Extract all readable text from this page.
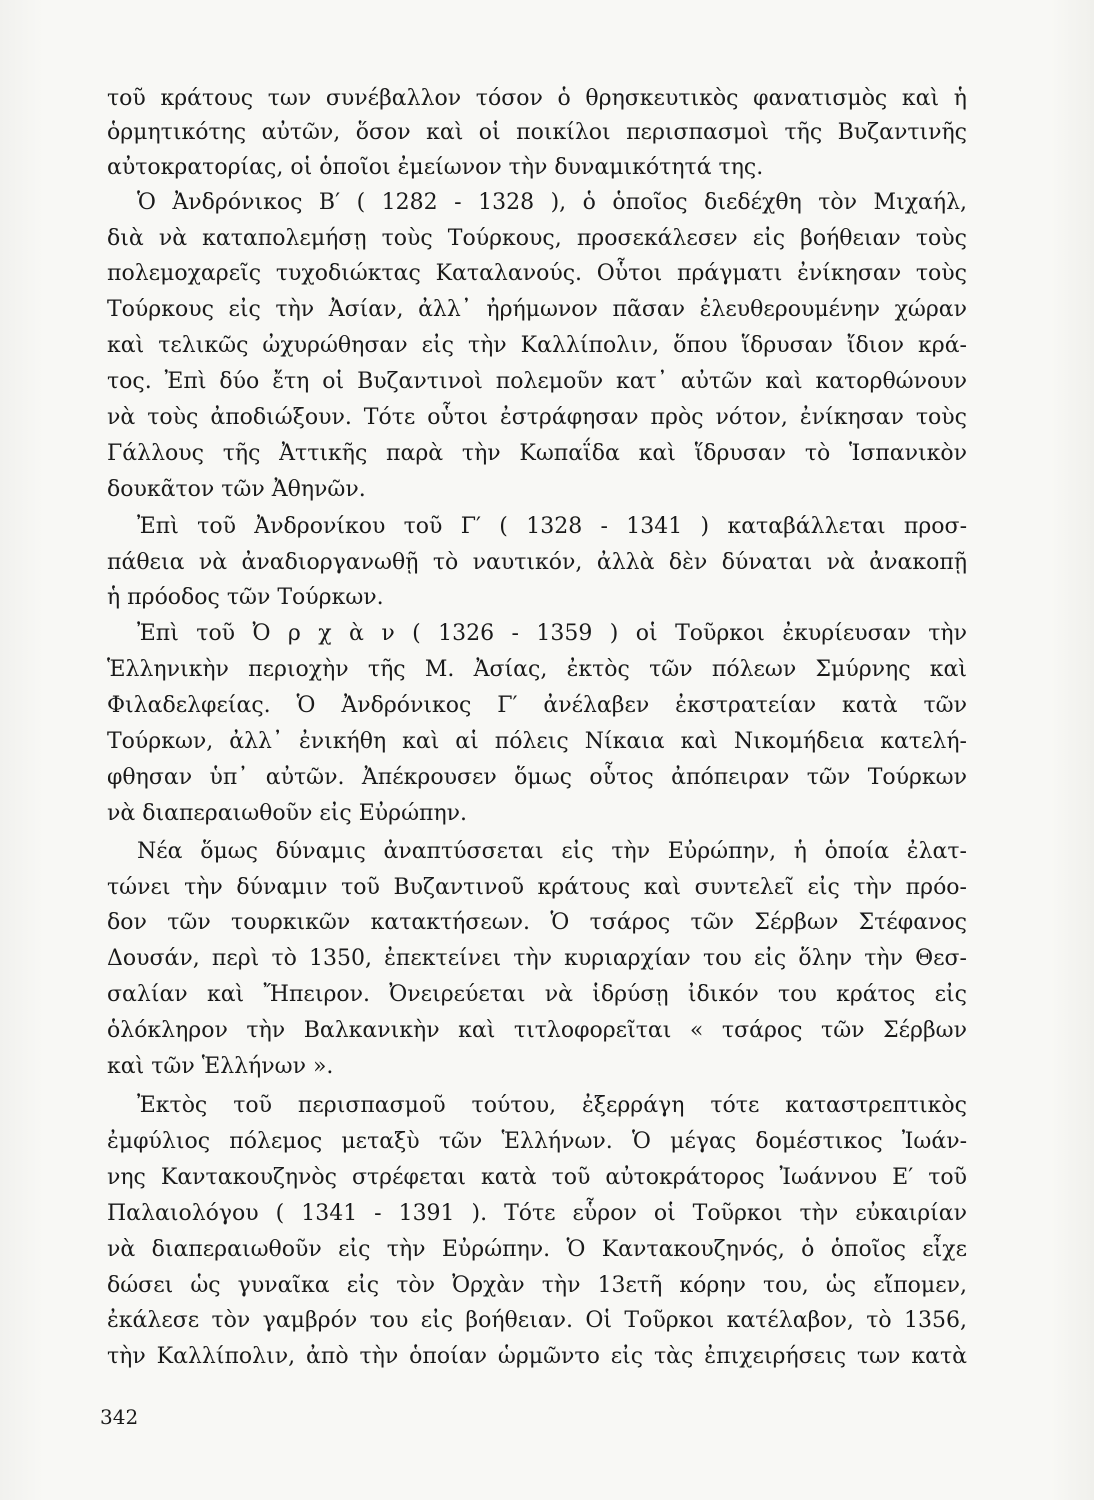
τοῦ κράτους των συνέβαλλον τόσον ὁ θρησκευτικὸς φανατισμὸς καὶ ἡ
ὁρμητικότης αὐτῶν, ὅσον καὶ οἱ ποικίλοι περισπασμοὶ τῆς Βυζαντινῆς
αὐτοκρατορίας, οἱ ὁποῖοι ἐμείωνον τὴν δυναμικότητά της.
Ὁ Ἀνδρόνικος Β′ ( 1282 - 1328 ), ὁ ὁποῖος διεδέχθη τὸν Μιχαήλ,
διὰ νὰ καταπολεμήσῃ τοὺς Τούρκους, προσεκάλεσεν εἰς βοήθειαν τοὺς
πολεμοχαρεῖς τυχοδιώκτας Καταλανούς. Οὗτοι πράγματι ἐνίκησαν τοὺς
Τούρκους εἰς τὴν Ἀσίαν, ἀλλ᾽ ἠρήμωνον πᾶσαν ἐλευθερουμένην χώραν
καὶ τελικῶς ὠχυρώθησαν εἰς τὴν Καλλίπολιν, ὅπου ἵδρυσαν ἴδιον κρά-
τος. Ἐπὶ δύο ἔτη οἱ Βυζαντινοὶ πολεμοῦν κατ᾽ αὐτῶν καὶ κατορθώνουν
νὰ τοὺς ἀποδιώξουν. Τότε οὗτοι ἐστράφησαν πρὸς νότον, ἐνίκησαν τοὺς
Γάλλους τῆς Ἀττικῆς παρὰ τὴν Κωπαΐδα καὶ ἵδρυσαν τὸ Ἱσπανικὸν
δουκᾶτον τῶν Ἀθηνῶν.
Ἐπὶ τοῦ Ἀνδρονίκου τοῦ Γ′ ( 1328 - 1341 ) καταβάλλεται προσ-
πάθεια νὰ ἀναδιοργανωθῇ τὸ ναυτικόν, ἀλλὰ δὲν δύναται νὰ ἀνακοπῇ
ἡ πρόοδος τῶν Τούρκων.
Ἐπὶ τοῦ Ὀ ρ χ ὰ ν ( 1326 - 1359 ) οἱ Τοῦρκοι ἐκυρίευσαν τὴν
Ἑλληνικὴν περιοχὴν τῆς Μ. Ἀσίας, ἐκτὸς τῶν πόλεων Σμύρνης καὶ
Φιλαδελφείας. Ὁ Ἀνδρόνικος Γ′ ἀνέλαβεν ἐκστρατείαν κατὰ τῶν
Τούρκων, ἀλλ᾽ ἐνικήθη καὶ αἱ πόλεις Νίκαια καὶ Νικομήδεια κατελή-
φθησαν ὑπ᾽ αὐτῶν. Ἀπέκρουσεν ὅμως οὗτος ἀπόπειραν τῶν Τούρκων
νὰ διαπεραιωθοῦν εἰς Εὐρώπην.
Νέα ὅμως δύναμις ἀναπτύσσεται εἰς τὴν Εὐρώπην, ἡ ὁποία ἐλατ-
τώνει τὴν δύναμιν τοῦ Βυζαντινοῦ κράτους καὶ συντελεῖ εἰς τὴν πρόο-
δον τῶν τουρκικῶν κατακτήσεων. Ὁ τσάρος τῶν Σέρβων Στέφανος
Δουσάν, περὶ τὸ 1350, ἐπεκτείνει τὴν κυριαρχίαν του εἰς ὅλην τὴν Θεσ-
σαλίαν καὶ Ἤπειρον. Ὀνειρεύεται νὰ ἱδρύσῃ ἰδικόν του κράτος εἰς
ὁλόκληρον τὴν Βαλκανικὴν καὶ τιτλοφορεῖται « τσάρος τῶν Σέρβων
καὶ τῶν Ἑλλήνων ».
Ἐκτὸς τοῦ περισπασμοῦ τούτου, ἐξερράγη τότε καταστρεπτικὸς
ἐμφύλιος πόλεμος μεταξὺ τῶν Ἑλλήνων. Ὁ μέγας δομέστικος Ἰωάν-
νης Καντακουζηνὸς στρέφεται κατὰ τοῦ αὐτοκράτορος Ἰωάννου Ε′ τοῦ
Παλαιολόγου ( 1341 - 1391 ). Τότε εὗρον οἱ Τοῦρκοι τὴν εὐκαιρίαν
νὰ διαπεραιωθοῦν εἰς τὴν Εὐρώπην. Ὁ Καντακουζηνός, ὁ ὁποῖος εἶχε
δώσει ὡς γυναῖκα εἰς τὸν Ὀρχὰν τὴν 13ετῆ κόρην του, ὡς εἴπομεν,
ἐκάλεσε τὸν γαμβρόν του εἰς βοήθειαν. Οἱ Τοῦρκοι κατέλαβον, τὸ 1356,
τὴν Καλλίπολιν, ἀπὸ τὴν ὁποίαν ὡρμῶντο εἰς τὰς ἐπιχειρήσεις των κατὰ
342
